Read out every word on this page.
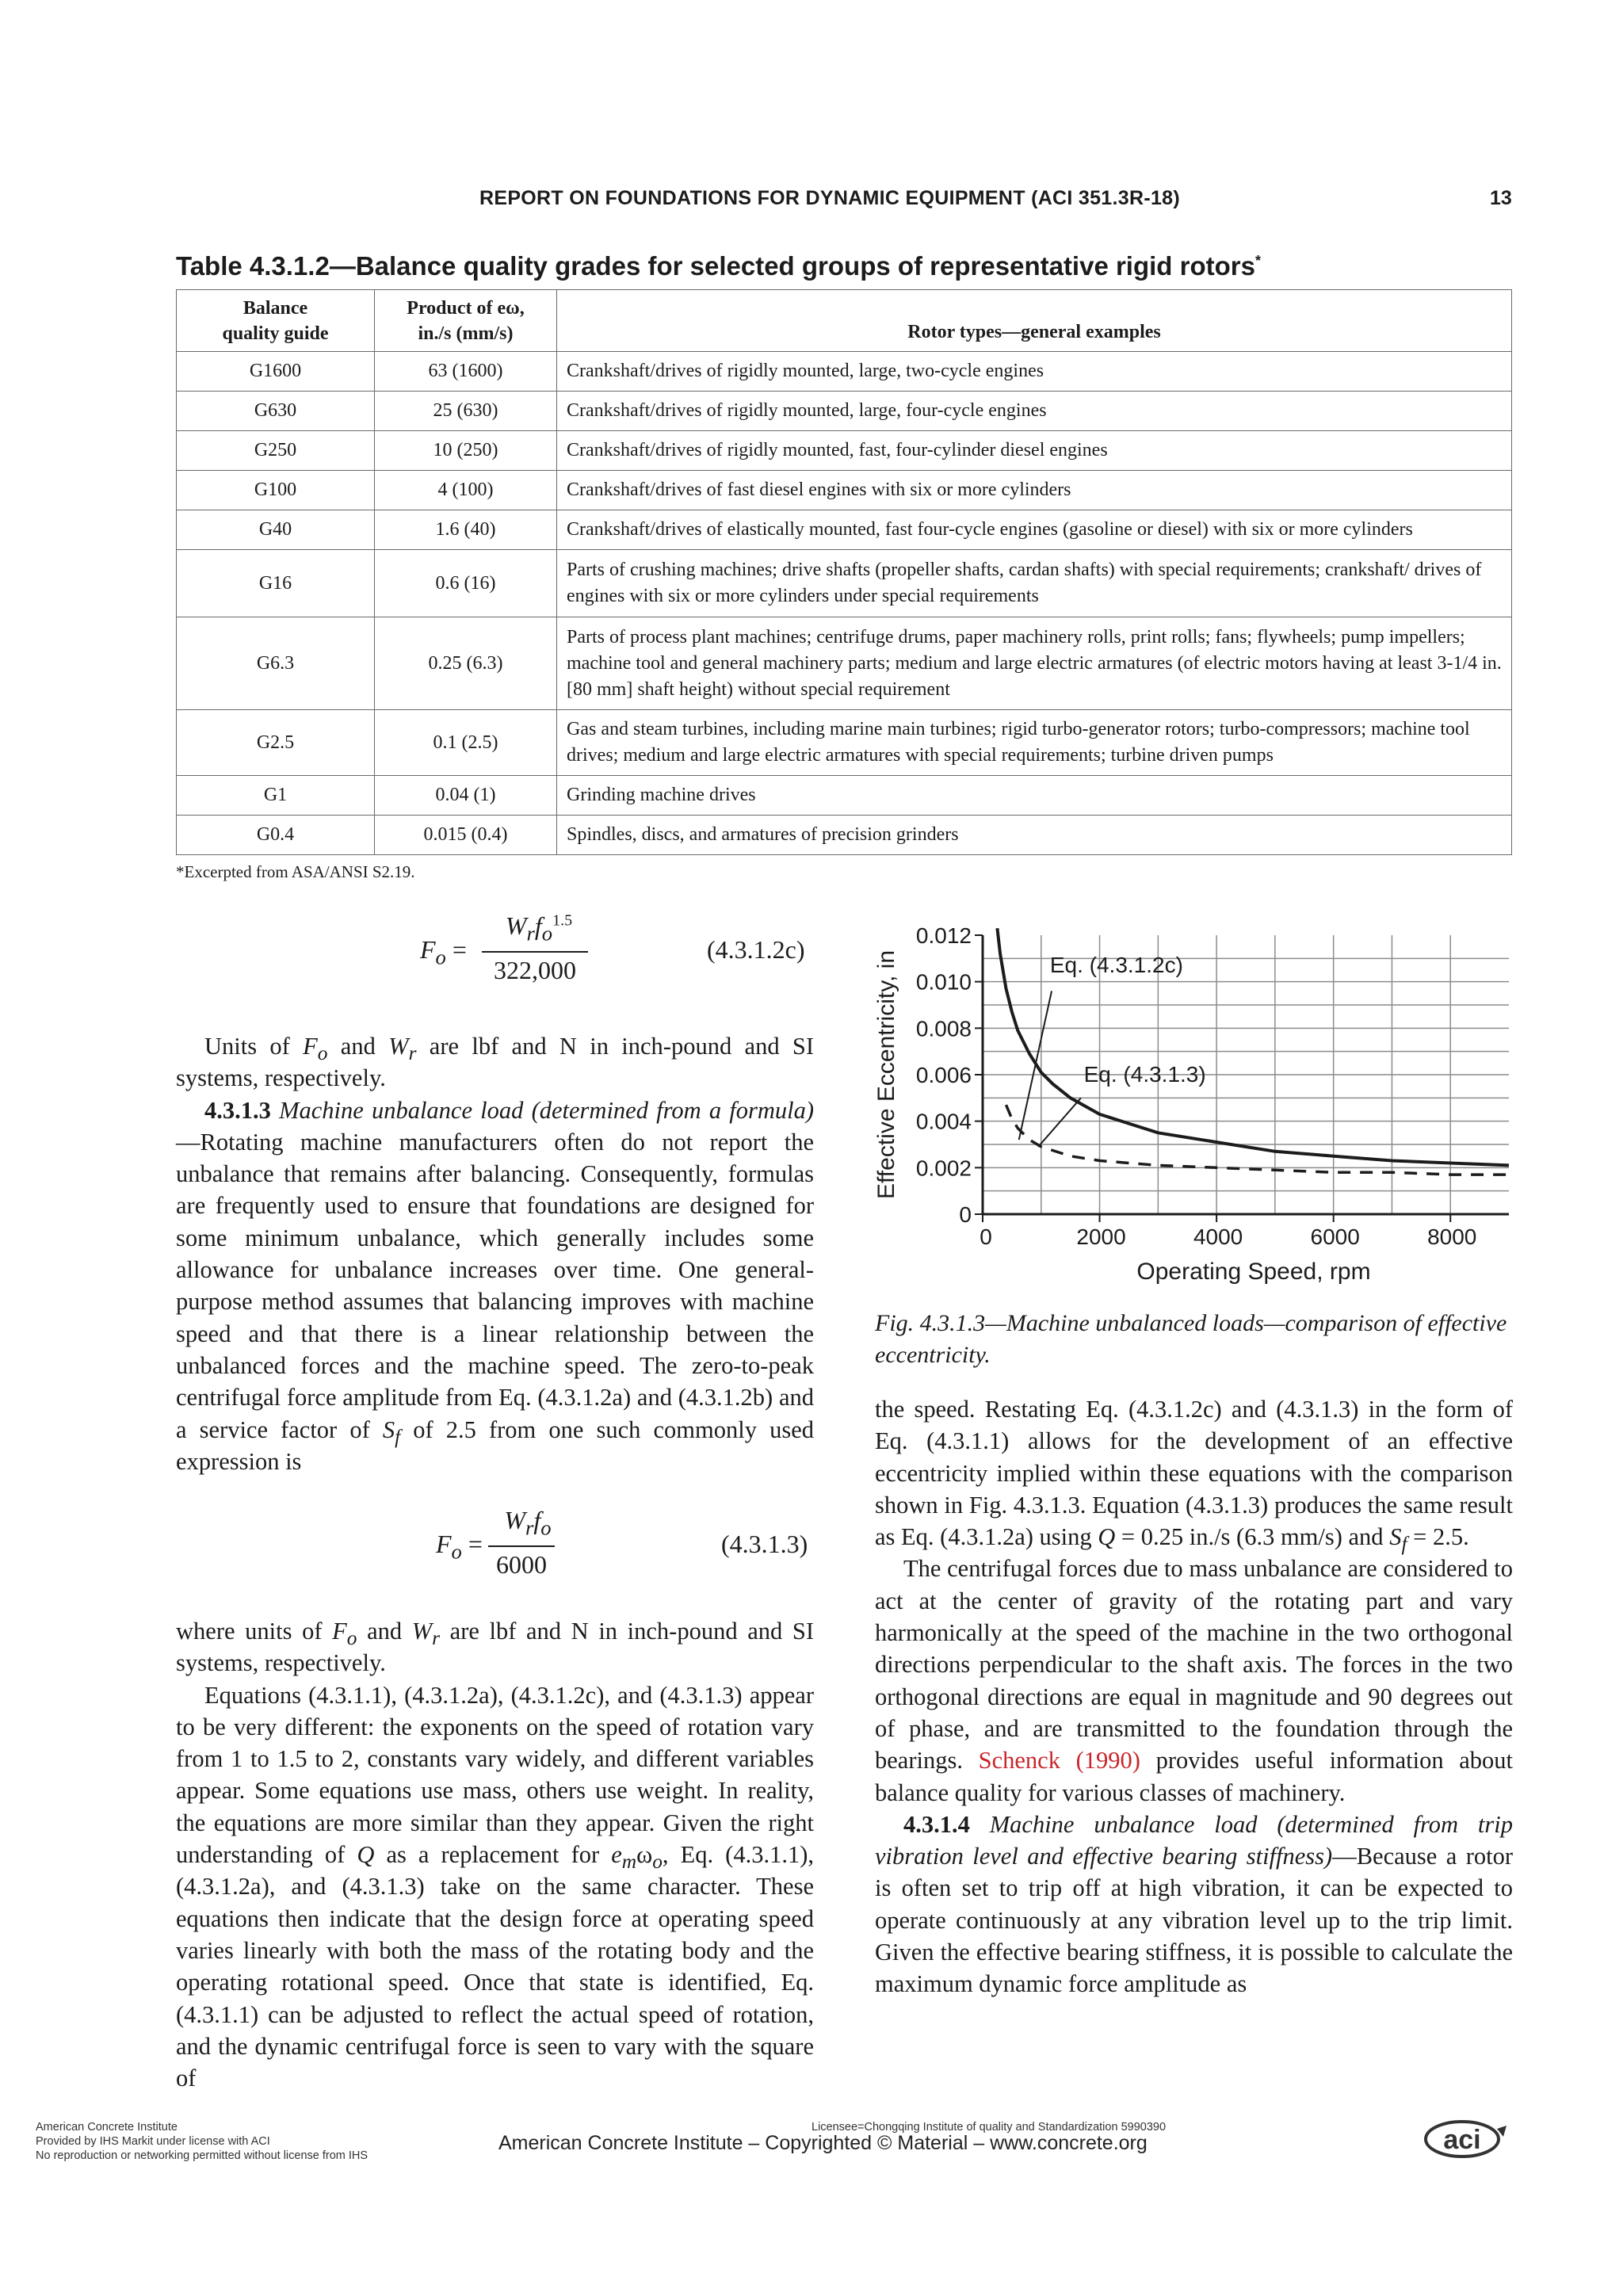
REPORT ON FOUNDATIONS FOR DYNAMIC EQUIPMENT (ACI 351.3R-18)	13
Table 4.3.1.2—Balance quality grades for selected groups of representative rigid rotors*
Balance quality guide	Product of eω, in./s (mm/s)	Rotor types—general examples
G1600	63 (1600)	Crankshaft/drives of rigidly mounted, large, two-cycle engines
G630	25 (630)	Crankshaft/drives of rigidly mounted, large, four-cycle engines
G250	10 (250)	Crankshaft/drives of rigidly mounted, fast, four-cylinder diesel engines
G100	4 (100)	Crankshaft/drives of fast diesel engines with six or more cylinders
G40	1.6 (40)	Crankshaft/drives of elastically mounted, fast four-cycle engines (gasoline or diesel) with six or more cylinders
G16	0.6 (16)	Parts of crushing machines; drive shafts (propeller shafts, cardan shafts) with special requirements; crankshaft/ drives of engines with six or more cylinders under special requirements
G6.3	0.25 (6.3)	Parts of process plant machines; centrifuge drums, paper machinery rolls, print rolls; fans; flywheels; pump impellers; machine tool and general machinery parts; medium and large electric armatures (of electric motors having at least 3-1/4 in. [80 mm] shaft height) without special requirement
G2.5	0.1 (2.5)	Gas and steam turbines, including marine main turbines; rigid turbo-generator rotors; turbo-compressors; machine tool drives; medium and large electric armatures with special requirements; turbine driven pumps
G1	0.04 (1)	Grinding machine drives
G0.4	0.015 (0.4)	Spindles, discs, and armatures of precision grinders
*Excerpted from ASA/ANSI S2.19.
$F_o$ =
$W_rf_o^{1.5}$
322,000
(4.3.1.2c)

Units of $F_o$ and $W_r$ are lbf and N in inch-pound and SI systems, respectively.

4.3.1.3 Machine unbalance load (determined from a formula)—Rotating machine manufacturers often do not report the unbalance that remains after balancing. Consequently, formulas are frequently used to ensure that foundations are designed for some minimum unbalance, which generally includes some allowance for unbalance increases over time. One general-purpose method assumes that balancing improves with machine speed and that there is a linear relationship between the unbalanced forces and the machine speed. The zero-to-peak centrifugal force amplitude from Eq. (4.3.1.2a) and (4.3.1.2b) and a service factor of $S_f$ of 2.5 from one such commonly used expression is

$F_o$ =
$W_rf_o$
6000
(4.3.1.3)

where units of $F_o$ and $W_r$ are lbf and N in inch-pound and SI systems, respectively.

Equations (4.3.1.1), (4.3.1.2a), (4.3.1.2c), and (4.3.1.3) appear to be very different: the exponents on the speed of rotation vary from 1 to 1.5 to 2, constants vary widely, and different variables appear. Some equations use mass, others use weight. In reality, the equations are more similar than they appear. Given the right understanding of Q as a replacement for $e_m\omega_o$, Eq. (4.3.1.1), (4.3.1.2a), and (4.3.1.3) take on the same character. These equations then indicate that the design force at operating speed varies linearly with both the mass of the rotating body and the operating rotational speed. Once that state is identified, Eq. (4.3.1.1) can be adjusted to reflect the actual speed of rotation, and the dynamic centrifugal force is seen to vary with the square of

0
0.002
0.004
0.006
0.008
0.010
0.012
0	2000	4000	6000	8000
Operating Speed, rpm
Effective Eccentricity, in	Eq. (4.3.1.2c)
Eq. (4.3.1.3)
Fig. 4.3.1.3—Machine unbalanced loads—comparison of effective eccentricity.

the speed. Restating Eq. (4.3.1.2c) and (4.3.1.3) in the form of Eq. (4.3.1.1) allows for the development of an effective eccentricity implied within these equations with the comparison shown in Fig. 4.3.1.3. Equation (4.3.1.3) produces the same result as Eq. (4.3.1.2a) using Q = 0.25 in./s (6.3 mm/s) and $S_f = 2.5$.

The centrifugal forces due to mass unbalance are considered to act at the center of gravity of the rotating part and vary harmonically at the speed of the machine in the two orthogonal directions perpendicular to the shaft axis. The forces in the two orthogonal directions are equal in magnitude and 90 degrees out of phase, and are transmitted to the foundation through the bearings. Schenck (1990) provides useful information about balance quality for various classes of machinery.

4.3.1.4 Machine unbalance load (determined from trip vibration level and effective bearing stiffness)—Because a rotor is often set to trip off at high vibration, it can be expected to operate continuously at any vibration level up to the trip limit. Given the effective bearing stiffness, it is possible to calculate the maximum dynamic force amplitude as

American Concrete Institute
Provided by IHS Markit under license with ACI
No reproduction or networking permitted without license from IHS
Licensee=Chongqing Institute of quality and Standardization 5990390
American Concrete Institute – Copyrighted © Material – www.concrete.org	aci
